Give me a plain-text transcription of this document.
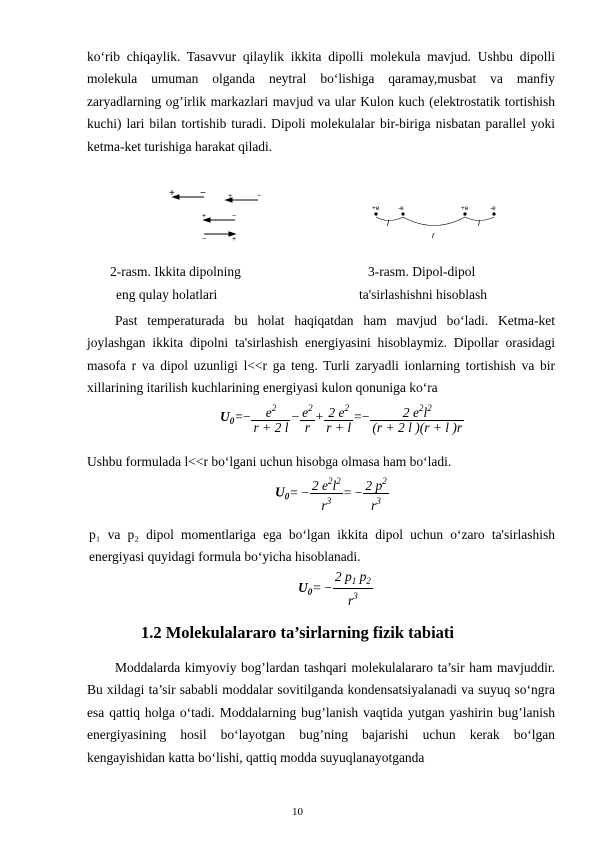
ko‘rib chiqaylik. Tasavvur qilaylik ikkita dipolli molekula mavjud. Ushbu dipolli molekula umuman olganda neytral bo‘lishiga qaramay,musbat va manfiy zaryadlarning og’irlik markazlari mavjud va ular Kulon kuch (elektrostatik tortishish kuchi) lari bilan tortishib turadi. Dipoli molekulalar bir-biriga nisbatan parallel yoki ketma-ket turishiga harakat qiladi.

+	−	+	−
+	−
−	+
+e	-e	+e	-e
l
r
l
2-rasm. Ikkita dipolning
eng qulay holatlari
3-rasm. Dipol-dipol
ta'sirlashishni hisoblash

Past temperaturada bu holat haqiqatdan ham mavjud bo‘ladi. Ketma-ket joylashgan ikkita dipolni ta'sirlashish energiyasini hisoblaymiz. Dipollar orasidagi masofa r va dipol uzunligi l<<r ga teng. Turli zaryadli ionlarning tortishish va bir xillarining itarilish kuchlarining energiyasi kulon qonuniga ko‘ra

$U_0=- \frac{e^2}{r + 2 l} - \frac{e^2}{r} + \frac{2 e^2}{r + l} =- \frac{2 e^2l^2}{(r + 2 l )(r + l )r}$

Ushbu formulada l<<r bo‘lgani uchun hisobga olmasa ham bo‘ladi.

$U_0= - \frac{2 e^2l^2}{r^3}$ = − $\frac{2 p^2}{r^3}$

p₁ va p₂ dipol momentlariga ega bo‘lgan ikkita dipol uchun o‘zaro ta'sirlashish energiyasi quyidagi formula bo‘yicha hisoblanadi.

$U_0= - \frac{2 p_1 p_2}{r^3}$
1.2 Molekulalararo ta’sirlarning fizik tabiati

Moddalarda kimyoviy bog’lardan tashqari molekulalararo ta’sir ham mavjuddir. Bu xildagi ta’sir sababli moddalar sovitilganda kondensatsiyalanadi va suyuq so‘ngra esa qattiq holga o‘tadi. Moddalarning bug’lanish vaqtida yutgan yashirin bug’lanish energiyasining hosil bo‘layotgan bug’ning bajarishi uchun kerak bo‘lgan kengayishidan katta bo‘lishi, qattiq modda suyuqlanayotganda

10
